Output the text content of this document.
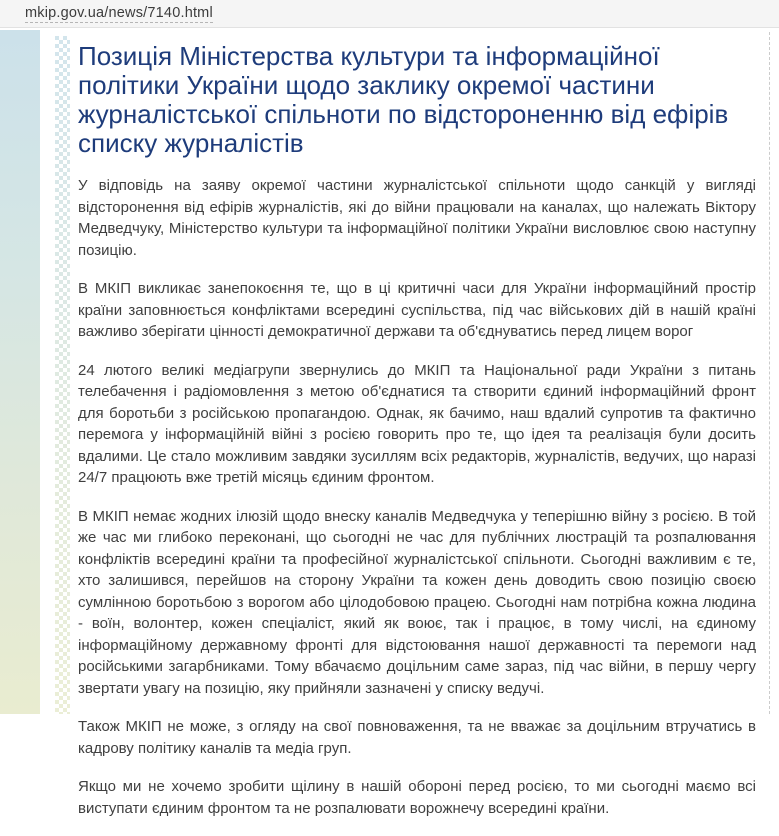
mkip.gov.ua/news/7140.html
Позиція Міністерства культури та інформаційної політики України щодо заклику окремої частини журналістської спільноти по відстороненню від ефірів списку журналістів

У відповідь на заяву окремої частини журналістської спільноти щодо санкцій у вигляді відсторонення від ефірів журналістів, які до війни працювали на каналах, що належать Віктору Медведчуку, Міністерство культури та інформаційної політики України висловлює свою наступну позицію.

В МКІП викликає занепокоєння те, що в ці критичні часи для України інформаційний простір країни заповнюється конфліктами всередині суспільства, під час військових дій в нашій країні важливо зберігати цінності демократичної держави та об'єднуватись перед лицем ворог

24 лютого великі медіагрупи звернулись до МКІП та Національної ради України з питань телебачення і радіомовлення з метою об'єднатися та створити єдиний інформаційний фронт для боротьби з російською пропагандою. Однак, як бачимо, наш вдалий супротив та фактично перемога у інформаційній війні з росією говорить про те, що ідея та реалізація були досить вдалими. Це стало можливим завдяки зусиллям всіх редакторів, журналістів, ведучих, що наразі 24/7 працюють вже третій місяць єдиним фронтом.

В МКІП немає жодних ілюзій щодо внеску каналів Медведчука у теперішню війну з росією. В той же час ми глибоко переконані, що сьогодні не час для публічних люстрацій та розпалювання конфліктів всередині країни та професійної журналістської спільноти. Сьогодні важливим є те, хто залишився, перейшов на сторону України та кожен день доводить свою позицію своєю сумлінною боротьбою з ворогом або цілодобовою працею. Сьогодні нам потрібна кожна людина - воїн, волонтер, кожен спеціаліст, який як воює, так і працює, в тому числі, на єдиному інформаційному державному фронті для відстоювання нашої державності та перемоги над російськими загарбниками. Тому вбачаємо доцільним саме зараз, під час війни, в першу чергу звертати увагу на позицію, яку прийняли зазначені у списку ведучі.

Також МКІП не може, з огляду на свої повноваження, та не вважає за доцільним втручатись в кадрову політику каналів та медіа груп.

Якщо ми не хочемо зробити щілину в нашій обороні перед росією, то ми сьогодні маємо всі виступати єдиним фронтом та не розпалювати ворожнечу всередині країни.
